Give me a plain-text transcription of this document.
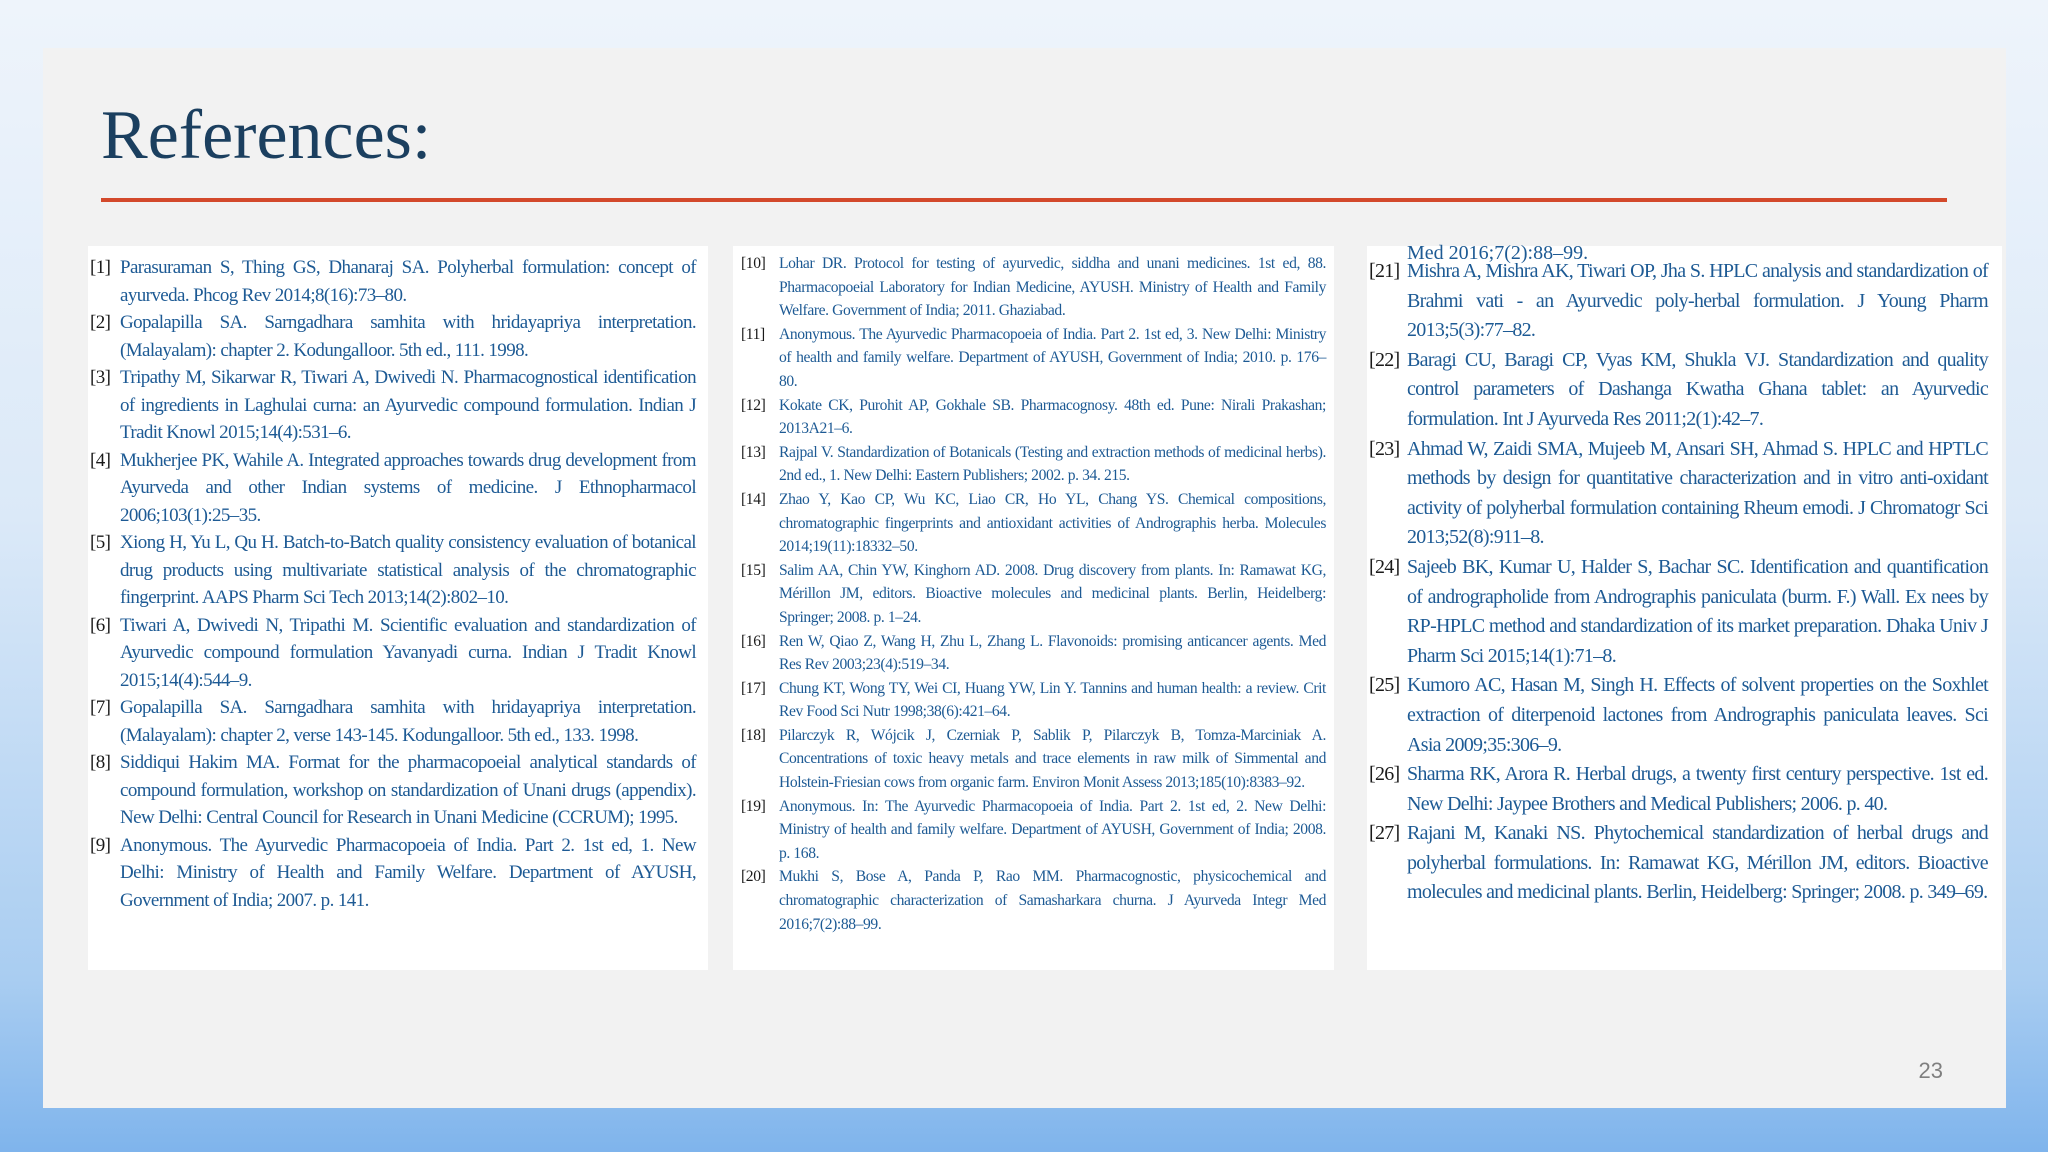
References:
[1] Parasuraman S, Thing GS, Dhanaraj SA. Polyherbal formulation: concept of ayurveda. Phcog Rev 2014;8(16):73–80.
[2] Gopalapilla SA. Sarngadhara samhita with hridayapriya interpretation. (Malayalam): chapter 2. Kodungalloor. 5th ed., 111. 1998.
[3] Tripathy M, Sikarwar R, Tiwari A, Dwivedi N. Pharmacognostical identification of ingredients in Laghulai curna: an Ayurvedic compound formulation. Indian J Tradit Knowl 2015;14(4):531–6.
[4] Mukherjee PK, Wahile A. Integrated approaches towards drug development from Ayurveda and other Indian systems of medicine. J Ethnopharmacol 2006;103(1):25–35.
[5] Xiong H, Yu L, Qu H. Batch-to-Batch quality consistency evaluation of botanical drug products using multivariate statistical analysis of the chromatographic fingerprint. AAPS Pharm Sci Tech 2013;14(2):802–10.
[6] Tiwari A, Dwivedi N, Tripathi M. Scientific evaluation and standardization of Ayurvedic compound formulation Yavanyadi curna. Indian J Tradit Knowl 2015;14(4):544–9.
[7] Gopalapilla SA. Sarngadhara samhita with hridayapriya interpretation. (Malayalam): chapter 2, verse 143-145. Kodungalloor. 5th ed., 133. 1998.
[8] Siddiqui Hakim MA. Format for the pharmacopoeial analytical standards of compound formulation, workshop on standardization of Unani drugs (appendix). New Delhi: Central Council for Research in Unani Medicine (CCRUM); 1995.
[9] Anonymous. The Ayurvedic Pharmacopoeia of India. Part 2. 1st ed, 1. New Delhi: Ministry of Health and Family Welfare. Department of AYUSH, Government of India; 2007. p. 141.
[10] Lohar DR. Protocol for testing of ayurvedic, siddha and unani medicines. 1st ed, 88. Pharmacopoeial Laboratory for Indian Medicine, AYUSH. Ministry of Health and Family Welfare. Government of India; 2011. Ghaziabad.
[11] Anonymous. The Ayurvedic Pharmacopoeia of India. Part 2. 1st ed, 3. New Delhi: Ministry of health and family welfare. Department of AYUSH, Government of India; 2010. p. 176–80.
[12] Kokate CK, Purohit AP, Gokhale SB. Pharmacognosy. 48th ed. Pune: Nirali Prakashan; 2013A21–6.
[13] Rajpal V. Standardization of Botanicals (Testing and extraction methods of medicinal herbs). 2nd ed., 1. New Delhi: Eastern Publishers; 2002. p. 34. 215.
[14] Zhao Y, Kao CP, Wu KC, Liao CR, Ho YL, Chang YS. Chemical compositions, chromatographic fingerprints and antioxidant activities of Andrographis herba. Molecules 2014;19(11):18332–50.
[15] Salim AA, Chin YW, Kinghorn AD. 2008. Drug discovery from plants. In: Ramawat KG, Mérillon JM, editors. Bioactive molecules and medicinal plants. Berlin, Heidelberg: Springer; 2008. p. 1–24.
[16] Ren W, Qiao Z, Wang H, Zhu L, Zhang L. Flavonoids: promising anticancer agents. Med Res Rev 2003;23(4):519–34.
[17] Chung KT, Wong TY, Wei CI, Huang YW, Lin Y. Tannins and human health: a review. Crit Rev Food Sci Nutr 1998;38(6):421–64.
[18] Pilarczyk R, Wójcik J, Czerniak P, Sablik P, Pilarczyk B, Tomza-Marciniak A. Concentrations of toxic heavy metals and trace elements in raw milk of Simmental and Holstein-Friesian cows from organic farm. Environ Monit Assess 2013;185(10):8383–92.
[19] Anonymous. In: The Ayurvedic Pharmacopoeia of India. Part 2. 1st ed, 2. New Delhi: Ministry of health and family welfare. Department of AYUSH, Government of India; 2008. p. 168.
[20] Mukhi S, Bose A, Panda P, Rao MM. Pharmacognostic, physicochemical and chromatographic characterization of Samasharkara churna. J Ayurveda Integr Med 2016;7(2):88–99.
Med 2016;7(2):88–99.
[21] Mishra A, Mishra AK, Tiwari OP, Jha S. HPLC analysis and standardization of Brahmi vati - an Ayurvedic poly-herbal formulation. J Young Pharm 2013;5(3):77–82.
[22] Baragi CU, Baragi CP, Vyas KM, Shukla VJ. Standardization and quality control parameters of Dashanga Kwatha Ghana tablet: an Ayurvedic formulation. Int J Ayurveda Res 2011;2(1):42–7.
[23] Ahmad W, Zaidi SMA, Mujeeb M, Ansari SH, Ahmad S. HPLC and HPTLC methods by design for quantitative characterization and in vitro anti-oxidant activity of polyherbal formulation containing Rheum emodi. J Chromatogr Sci 2013;52(8):911–8.
[24] Sajeeb BK, Kumar U, Halder S, Bachar SC. Identification and quantification of andrographolide from Andrographis paniculata (burm. F.) Wall. Ex nees by RP-HPLC method and standardization of its market preparation. Dhaka Univ J Pharm Sci 2015;14(1):71–8.
[25] Kumoro AC, Hasan M, Singh H. Effects of solvent properties on the Soxhlet extraction of diterpenoid lactones from Andrographis paniculata leaves. Sci Asia 2009;35:306–9.
[26] Sharma RK, Arora R. Herbal drugs, a twenty first century perspective. 1st ed. New Delhi: Jaypee Brothers and Medical Publishers; 2006. p. 40.
[27] Rajani M, Kanaki NS. Phytochemical standardization of herbal drugs and polyherbal formulations. In: Ramawat KG, Mérillon JM, editors. Bioactive molecules and medicinal plants. Berlin, Heidelberg: Springer; 2008. p. 349–69.
23
